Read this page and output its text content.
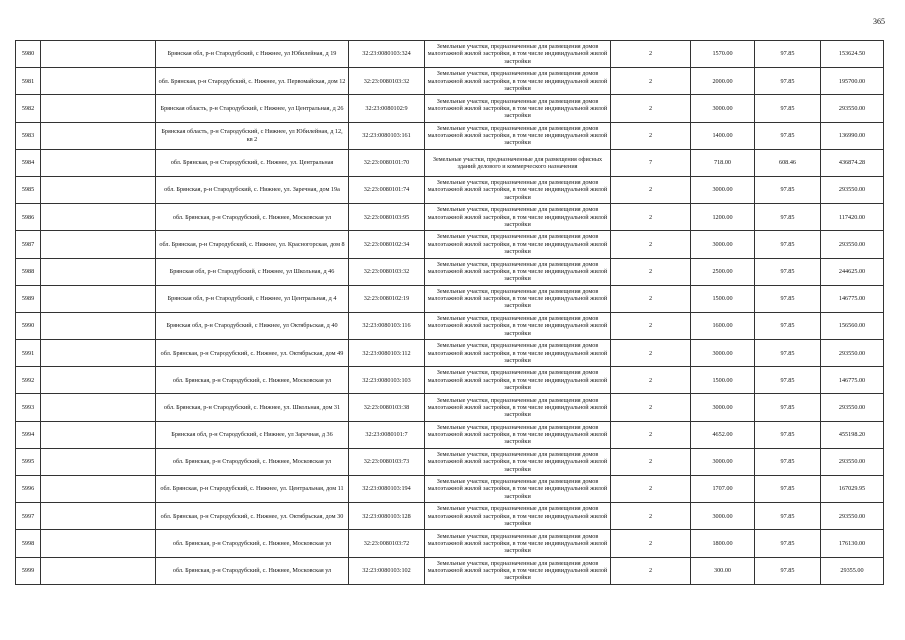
365
5980		Брянская обл, р-н Стародубский, с Нижнее, ул Юбилейная, д 19	32:23:0080103:324	Земельные участки, предназначенные для размещения домов малоэтажной жилой застройки, в том числе индивидуальной жилой застройки	2	1570.00	97.85	153624.50
5981		обл. Брянская, р-н Стародубский, с. Нижнее, ул. Первомайская, дом 12	32:23:0080103:32	Земельные участки, предназначенные для размещения домов малоэтажной жилой застройки, в том числе индивидуальной жилой застройки	2	2000.00	97.85	195700.00
5982		Брянская область, р-н Стародубский, с Нижнее, ул Центральная, д 26	32:23:0080102:9	Земельные участки, предназначенные для размещения домов малоэтажной жилой застройки, в том числе индивидуальной жилой застройки	2	3000.00	97.85	293550.00
5983		Брянская область, р-н Стародубский, с Нижнее, ул Юбилейная, д 12, кв 2	32:23:0080103:161	Земельные участки, предназначенные для размещения домов малоэтажной жилой застройки, в том числе индивидуальной жилой застройки	2	1400.00	97.85	136990.00
5984		обл. Брянская, р-н Стародубский, с. Нижнее, ул. Центральная	32:23:0080101:70	Земельные участки, предназначенные для размещения офисных зданий делового и коммерческого назначения	7	718.00	608.46	436874.28
5985		обл. Брянская, р-н Стародубский, с. Нижнее, ул. Заречная, дом 19а	32:23:0080101:74	Земельные участки, предназначенные для размещения домов малоэтажной жилой застройки, в том числе индивидуальной жилой застройки	2	3000.00	97.85	293550.00
5986		обл. Брянская, р-н Стародубский, с. Нижнее, Московская ул	32:23:0080103:95	Земельные участки, предназначенные для размещения домов малоэтажной жилой застройки, в том числе индивидуальной жилой застройки	2	1200.00	97.85	117420.00
5987		обл. Брянская, р-н Стародубский, с. Нижнее, ул. Красногорская, дом 8	32:23:0080102:34	Земельные участки, предназначенные для размещения домов малоэтажной жилой застройки, в том числе индивидуальной жилой застройки	2	3000.00	97.85	293550.00
5988		Брянская обл, р-н Стародубский, с Нижнее, ул Школьная, д 46	32:23:0080103:32	Земельные участки, предназначенные для размещения домов малоэтажной жилой застройки, в том числе индивидуальной жилой застройки	2	2500.00	97.85	244625.00
5989		Брянская обл, р-н Стародубский, с Нижнее, ул Центральная, д 4	32:23:0080102:19	Земельные участки, предназначенные для размещения домов малоэтажной жилой застройки, в том числе индивидуальной жилой застройки	2	1500.00	97.85	146775.00
5990		Брянская обл, р-н Стародубский, с Нижнее, ул Октябрьская, д 40	32:23:0080103:116	Земельные участки, предназначенные для размещения домов малоэтажной жилой застройки, в том числе индивидуальной жилой застройки	2	1600.00	97.85	156560.00
5991		обл. Брянская, р-н Стародубский, с. Нижнее, ул. Октябрьская, дом 49	32:23:0080103:112	Земельные участки, предназначенные для размещения домов малоэтажной жилой застройки, в том числе индивидуальной жилой застройки	2	3000.00	97.85	293550.00
5992		обл. Брянская, р-н Стародубский, с. Нижнее, Московская ул	32:23:0080103:103	Земельные участки, предназначенные для размещения домов малоэтажной жилой застройки, в том числе индивидуальной жилой застройки	2	1500.00	97.85	146775.00
5993		обл. Брянская, р-н Стародубский, с. Нижнее, ул. Школьная, дом 31	32:23:0080103:38	Земельные участки, предназначенные для размещения домов малоэтажной жилой застройки, в том числе индивидуальной жилой застройки	2	3000.00	97.85	293550.00
5994		Брянская обл, р-н Стародубский, с Нижнее, ул Заречная, д 36	32:23:0080101:7	Земельные участки, предназначенные для размещения домов малоэтажной жилой застройки, в том числе индивидуальной жилой застройки	2	4652.00	97.85	455198.20
5995		обл. Брянская, р-н Стародубский, с. Нижнее, Московская ул	32:23:0080103:73	Земельные участки, предназначенные для размещения домов малоэтажной жилой застройки, в том числе индивидуальной жилой застройки	2	3000.00	97.85	293550.00
5996		обл. Брянская, р-н Стародубский, с. Нижнее, ул. Центральная, дом 11	32:23:0080103:194	Земельные участки, предназначенные для размещения домов малоэтажной жилой застройки, в том числе индивидуальной жилой застройки	2	1707.00	97.85	167029.95
5997		обл. Брянская, р-н Стародубский, с. Нижнее, ул. Октябрьская, дом 30	32:23:0080103:128	Земельные участки, предназначенные для размещения домов малоэтажной жилой застройки, в том числе индивидуальной жилой застройки	2	3000.00	97.85	293550.00
5998		обл. Брянская, р-н Стародубский, с. Нижнее, Московская ул	32:23:0080103:72	Земельные участки, предназначенные для размещения домов малоэтажной жилой застройки, в том числе индивидуальной жилой застройки	2	1800.00	97.85	176130.00
5999		обл. Брянская, р-н Стародубский, с. Нижнее, Московская ул	32:23:0080103:102	Земельные участки, предназначенные для размещения домов малоэтажной жилой застройки, в том числе индивидуальной жилой застройки	2	300.00	97.85	29355.00
